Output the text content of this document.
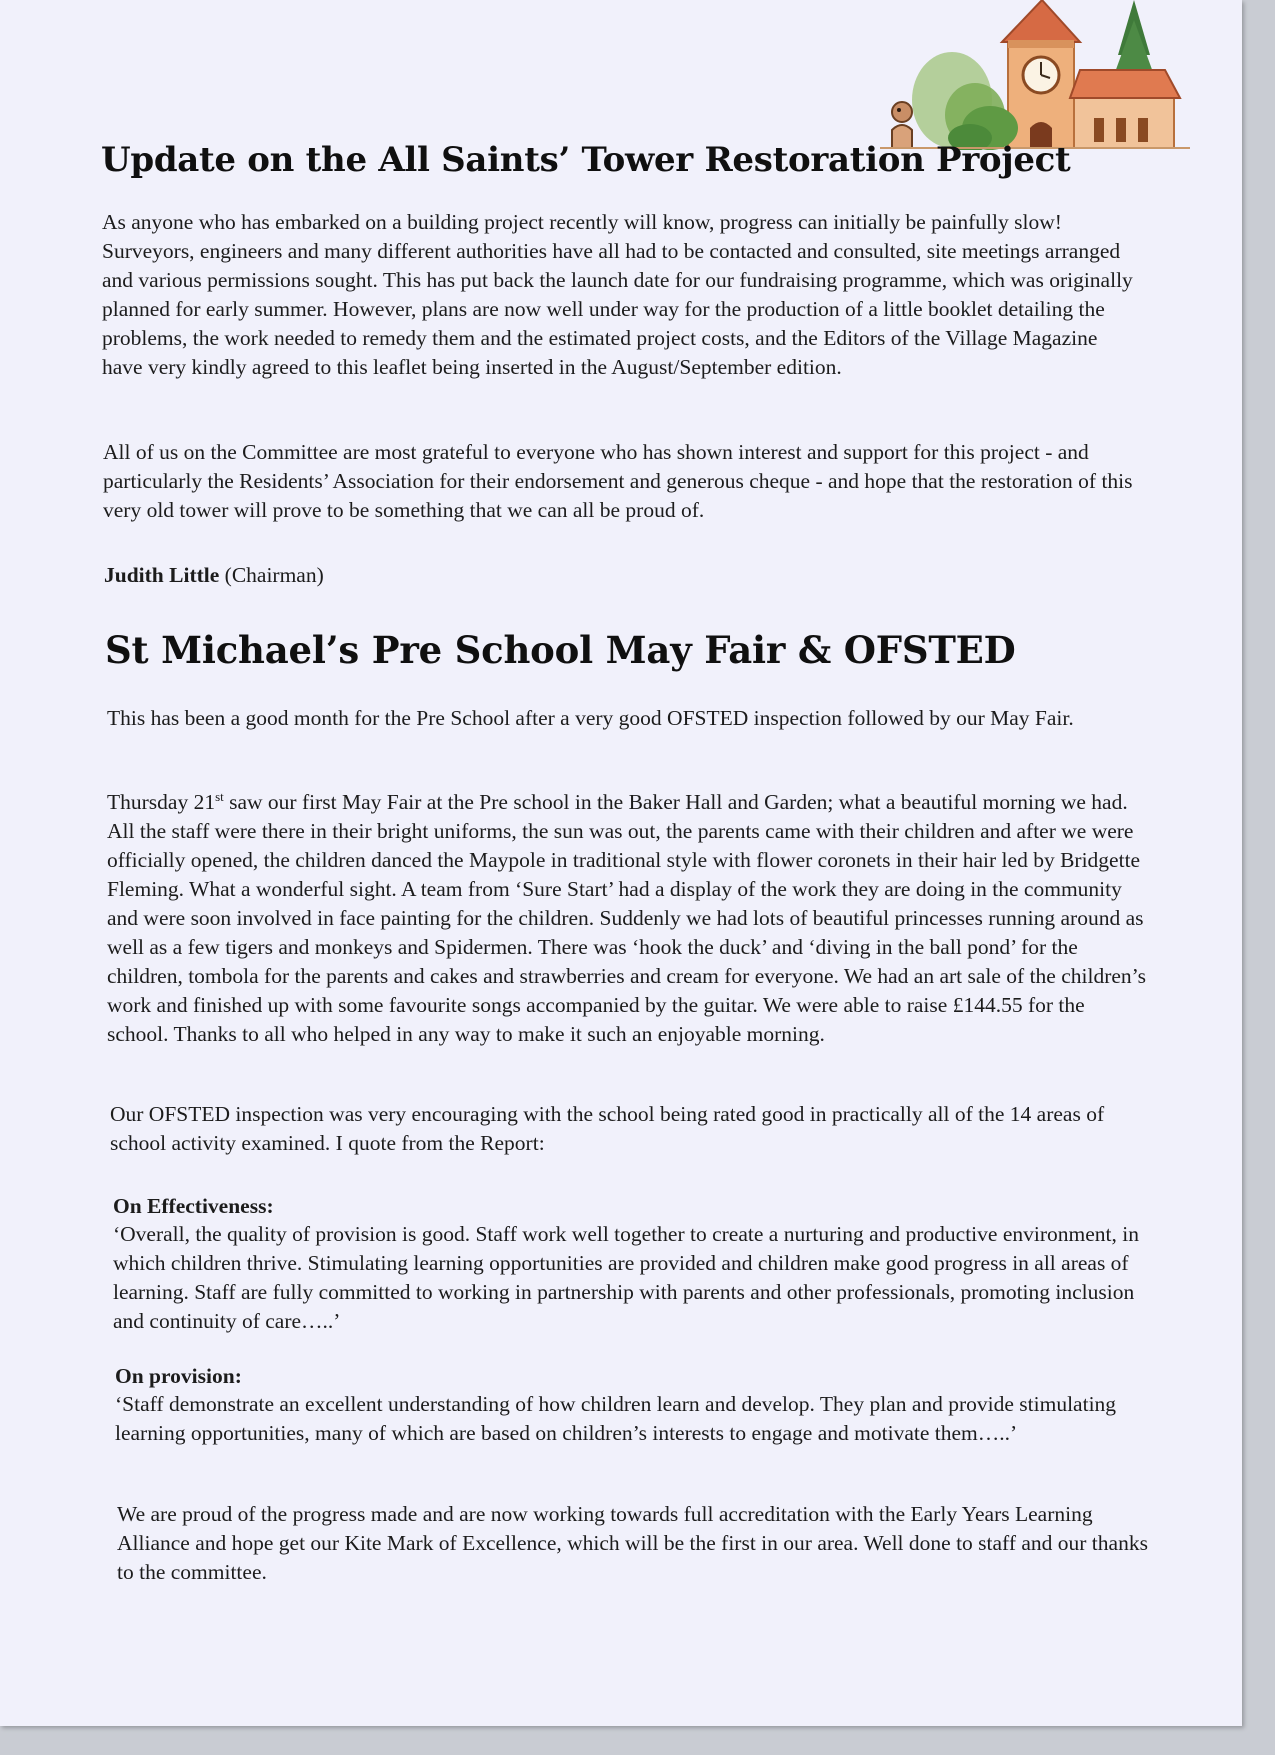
Update on the All Saints’ Tower Restoration Project

As anyone who has embarked on a building project recently will know, progress can initially be painfully slow! Surveyors, engineers and many different authorities have all had to be contacted and consulted, site meetings arranged and various permissions sought. This has put back the launch date for our fundraising programme, which was originally planned for early summer. However, plans are now well under way for the production of a little booklet detailing the problems, the work needed to remedy them and the estimated project costs, and the Editors of the Village Magazine have very kindly agreed to this leaflet being inserted in the August/September edition.

All of us on the Committee are most grateful to everyone who has shown interest and support for this project - and particularly the Residents’ Association for their endorsement and generous cheque - and hope that the restoration of this very old tower will prove to be something that we can all be proud of.

Judith Little (Chairman)

St Michael’s Pre School May Fair & OFSTED

This has been a good month for the Pre School after a very good OFSTED inspection followed by our May Fair.

Thursday 21st saw our first May Fair at the Pre school in the Baker Hall and Garden; what a beautiful morning we had. All the staff were there in their bright uniforms, the sun was out, the parents came with their children and after we were officially opened, the children danced the Maypole in traditional style with flower coronets in their hair led by Bridgette Fleming. What a wonderful sight. A team from ‘Sure Start’ had a display of the work they are doing in the community and were soon involved in face painting for the children. Suddenly we had lots of beautiful princesses running around as well as a few tigers and monkeys and Spidermen. There was ‘hook the duck’ and ‘diving in the ball pond’ for the children, tombola for the parents and cakes and strawberries and cream for everyone. We had an art sale of the children’s work and finished up with some favourite songs accompanied by the guitar. We were able to raise £144.55 for the school. Thanks to all who helped in any way to make it such an enjoyable morning.

Our OFSTED inspection was very encouraging with the school being rated good in practically all of the 14 areas of school activity examined. I quote from the Report:

On Effectiveness:

‘Overall, the quality of provision is good. Staff work well together to create a nurturing and productive environment, in which children thrive. Stimulating learning opportunities are provided and children make good progress in all areas of learning. Staff are fully committed to working in partnership with parents and other professionals, promoting inclusion and continuity of care…..’

On provision:

‘Staff demonstrate an excellent understanding of how children learn and develop. They plan and provide stimulating learning opportunities, many of which are based on children’s interests to engage and motivate them…..’

We are proud of the progress made and are now working towards full accreditation with the Early Years Learning Alliance and hope get our Kite Mark of Excellence, which will be the first in our area. Well done to staff and our thanks to the committee.
